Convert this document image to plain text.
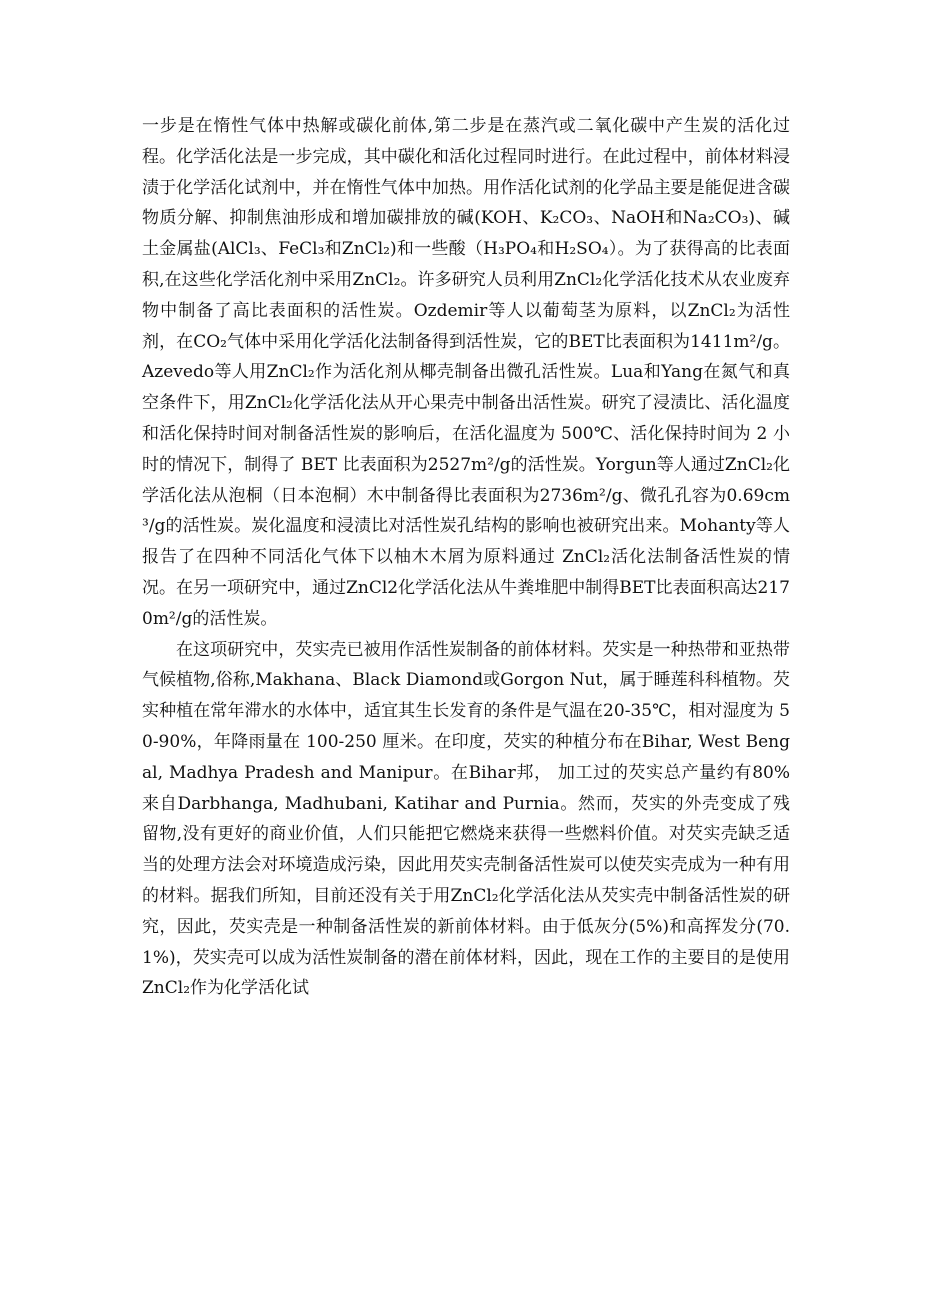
一步是在惰性气体中热解或碳化前体,第二步是在蒸汽或二氧化碳中产生炭的活化过程。化学活化法是一步完成，其中碳化和活化过程同时进行。在此过程中，前体材料浸渍于化学活化试剂中，并在惰性气体中加热。用作活化试剂的化学品主要是能促进含碳物质分解、抑制焦油形成和增加碳排放的碱(KOH、K₂CO₃、NaOH和Na₂CO₃)、碱土金属盐(AlCl₃、FeCl₃和ZnCl₂)和一些酸（H₃PO₄和H₂SO₄）。为了获得高的比表面积,在这些化学活化剂中采用ZnCl₂。许多研究人员利用ZnCl₂化学活化技术从农业废弃物中制备了高比表面积的活性炭。Ozdemir等人以葡萄茎为原料，以ZnCl₂为活性剂，在CO₂气体中采用化学活化法制备得到活性炭，它的BET比表面积为1411m²/g。Azevedo等人用ZnCl₂作为活化剂从椰壳制备出微孔活性炭。Lua和Yang在氮气和真空条件下，用ZnCl₂化学活化法从开心果壳中制备出活性炭。研究了浸渍比、活化温度和活化保持时间对制备活性炭的影响后，在活化温度为 500℃、活化保持时间为 2 小时的情况下，制得了 BET 比表面积为2527m²/g的活性炭。Yorgun等人通过ZnCl₂化学活化法从泡桐（日本泡桐）木中制备得比表面积为2736m²/g、微孔孔容为0.69cm³/g的活性炭。炭化温度和浸渍比对活性炭孔结构的影响也被研究出来。Mohanty等人报告了在四种不同活化气体下以柚木木屑为原料通过 ZnCl₂活化法制备活性炭的情况。在另一项研究中，通过ZnCl2化学活化法从牛粪堆肥中制得BET比表面积高达2170m²/g的活性炭。

在这项研究中，芡实壳已被用作活性炭制备的前体材料。芡实是一种热带和亚热带气候植物,俗称,Makhana、Black Diamond或Gorgon Nut，属于睡莲科科植物。芡实种植在常年滞水的水体中，适宜其生长发育的条件是气温在20-35℃，相对湿度为 50-90%，年降雨量在 100-250 厘米。在印度，芡实的种植分布在Bihar, West Bengal, Madhya Pradesh and Manipur。在Bihar邦， 加工过的芡实总产量约有80%来自Darbhanga, Madhubani, Katihar and Purnia。然而，芡实的外壳变成了残留物,没有更好的商业价值，人们只能把它燃烧来获得一些燃料价值。对芡实壳缺乏适当的处理方法会对环境造成污染，因此用芡实壳制备活性炭可以使芡实壳成为一种有用的材料。据我们所知，目前还没有关于用ZnCl₂化学活化法从芡实壳中制备活性炭的研究，因此，芡实壳是一种制备活性炭的新前体材料。由于低灰分(5%)和高挥发分(70.1%)，芡实壳可以成为活性炭制备的潜在前体材料，因此，现在工作的主要目的是使用ZnCl₂作为化学活化试
